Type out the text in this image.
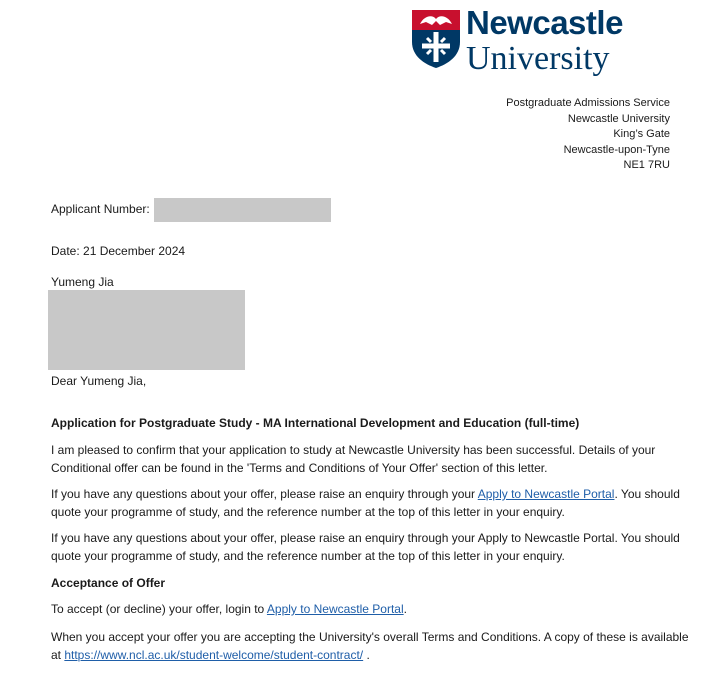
Newcastle
University
Postgraduate Admissions Service
Newcastle University
King’s Gate
Newcastle-upon-Tyne
NE1 7RU
Applicant Number:
Date: 21 December 2024
Yumeng Jia
Dear Yumeng Jia,
Application for Postgraduate Study - MA International Development and Education (full-time)

I am pleased to confirm that your application to study at Newcastle University has been successful. Details of your Conditional offer can be found in the 'Terms and Conditions of Your Offer' section of this letter.

If you have any questions about your offer, please raise an enquiry through your Apply to Newcastle Portal. You should quote your programme of study, and the reference number at the top of this letter in your enquiry.

If you have any questions about your offer, please raise an enquiry through your Apply to Newcastle Portal. You should quote your programme of study, and the reference number at the top of this letter in your enquiry.

Acceptance of Offer

To accept (or decline) your offer, login to Apply to Newcastle Portal.

When you accept your offer you are accepting the University's overall Terms and Conditions. A copy of these is available at https://www.ncl.ac.uk/student-welcome/student-contract/ .
